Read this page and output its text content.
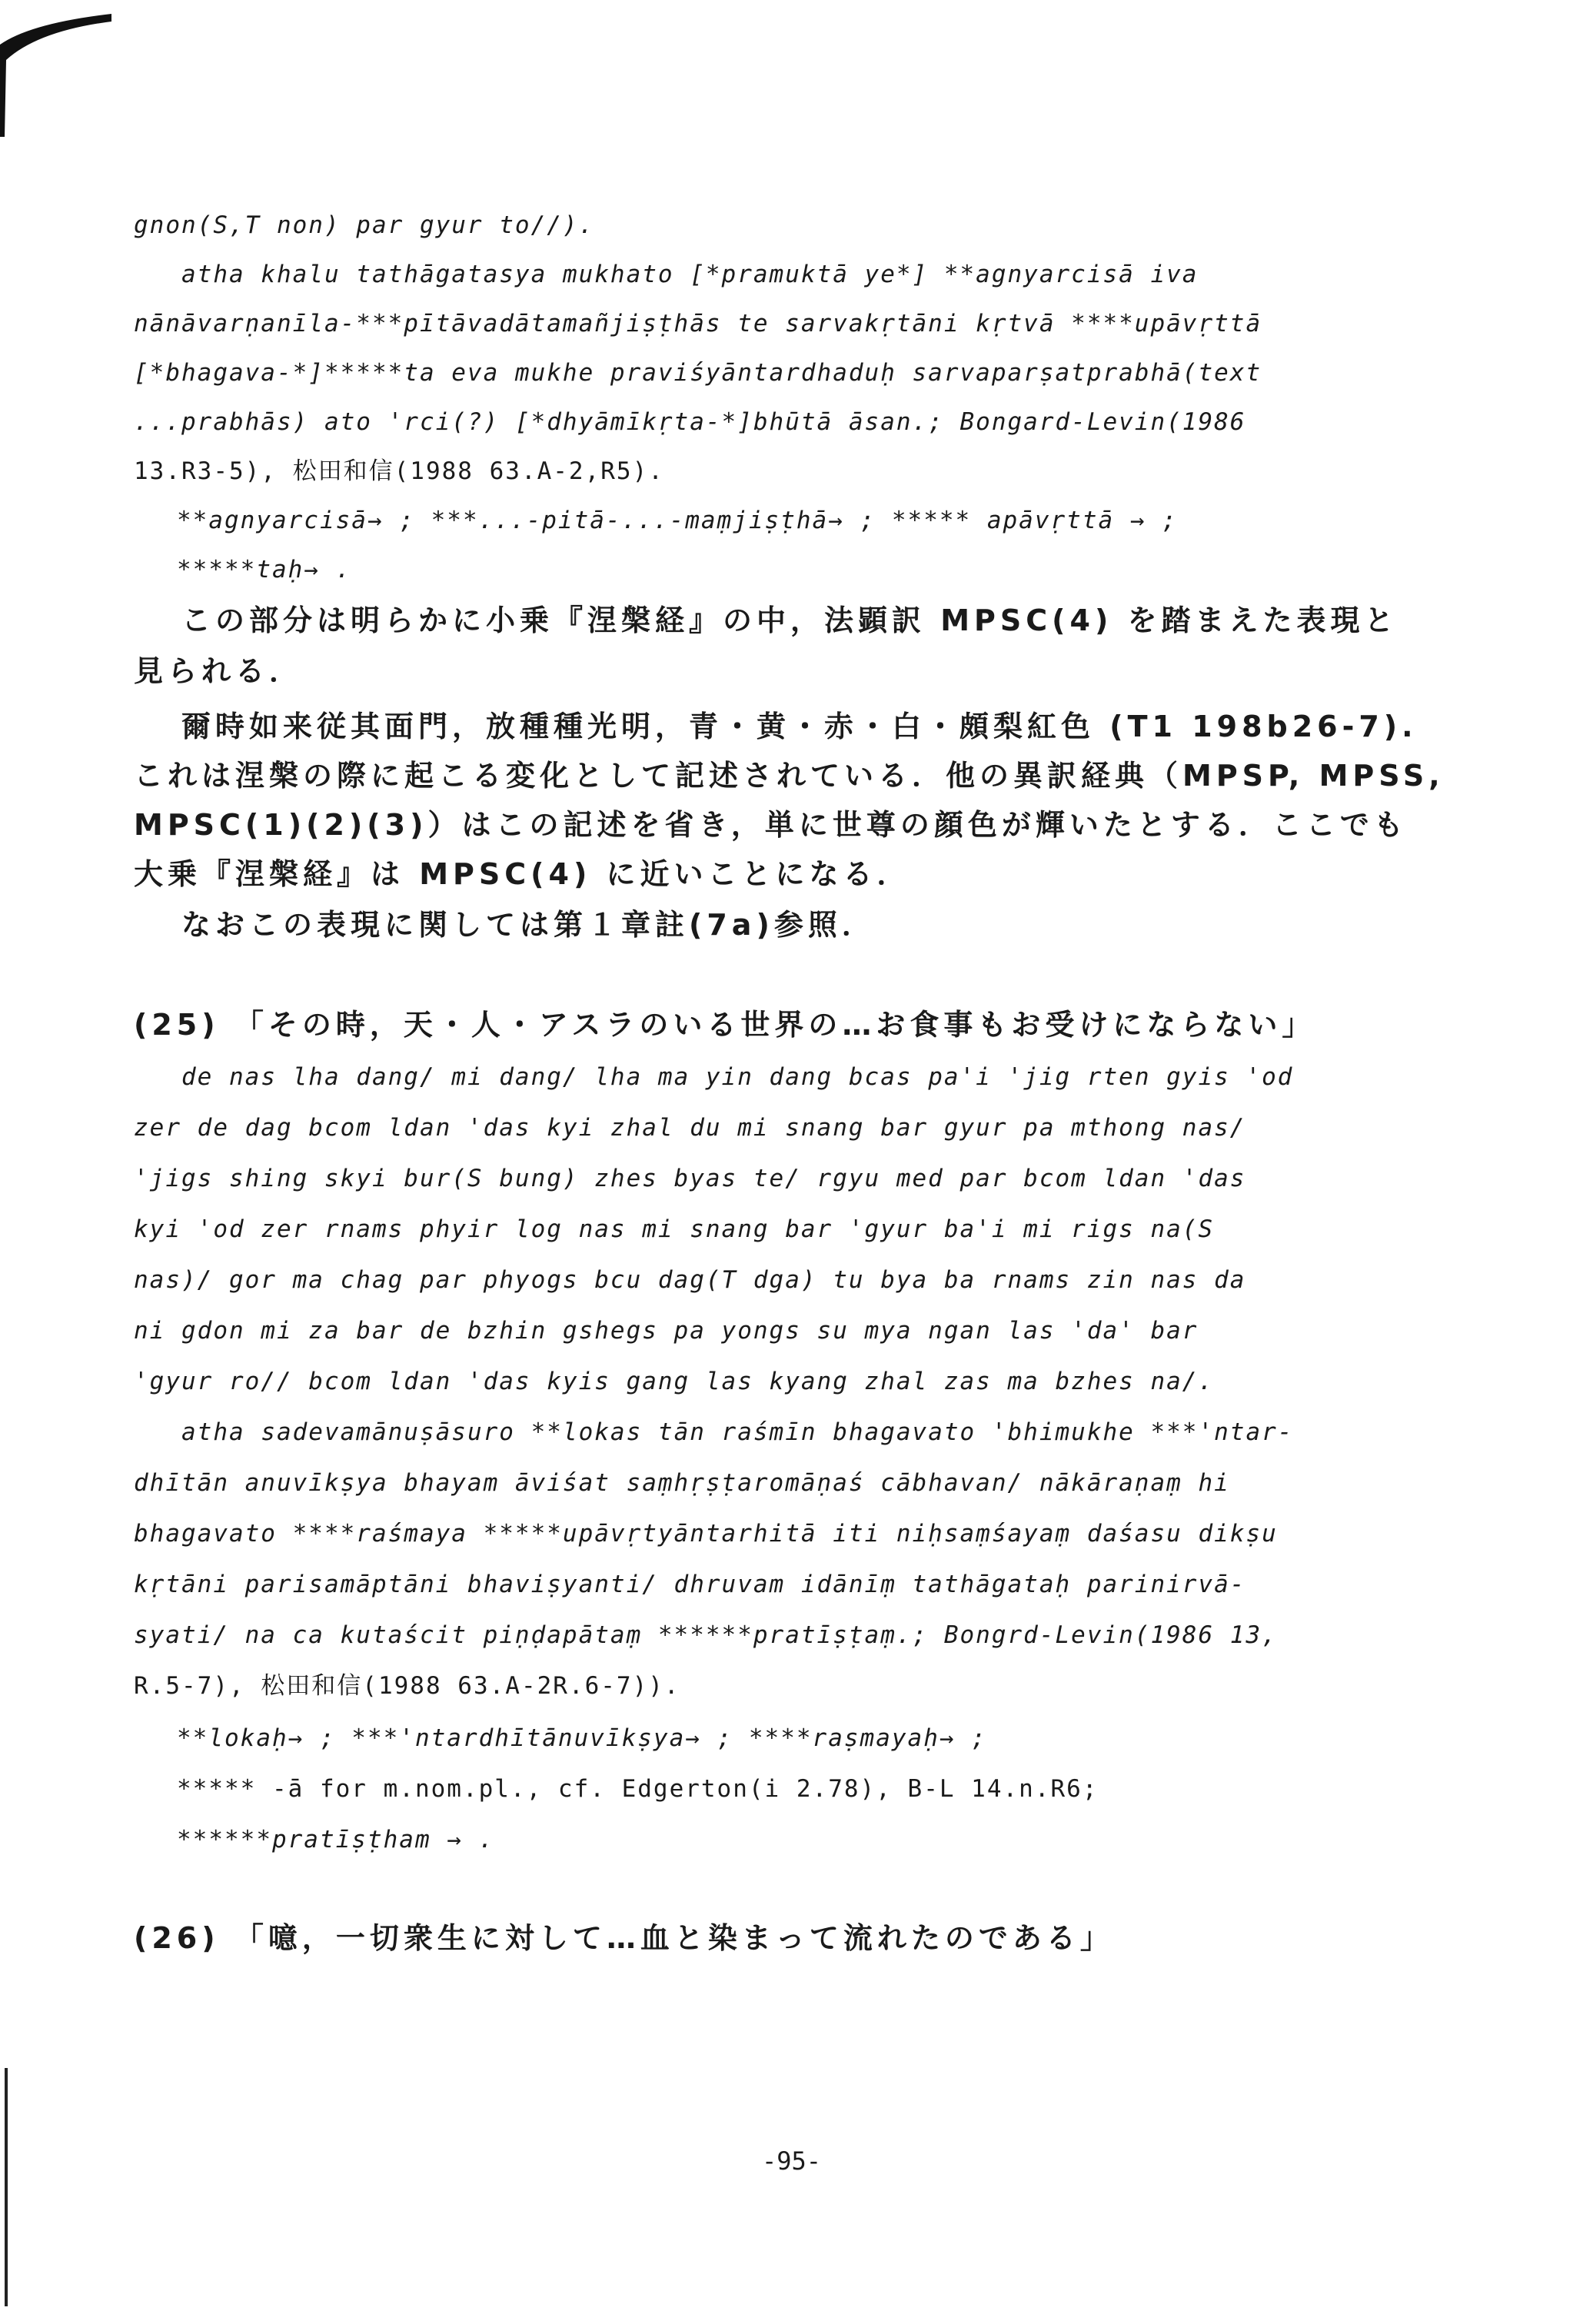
gnon(S,T non) par gyur to//).
atha khalu tathāgatasya mukhato [*pramuktā ye*] **agnyarcisā iva
nānāvarṇanīla-***pītāvadātamañjiṣṭhās te sarvakṛtāni kṛtvā ****upāvṛttā
[*bhagava-*]*****ta eva mukhe praviśyāntardhaduḥ sarvaparṣatprabhā(text
...prabhās) ato 'rci(?) [*dhyāmīkṛta-*]bhūtā āsan.; Bongard-Levin(1986
13.R3-5), 松田和信(1988 63.A-2,R5).
**agnyarcisā→ ; ***...-pitā-...-maṃjiṣṭhā→ ; ***** apāvṛttā → ;
*****taḥ→ .
この部分は明らかに小乗『涅槃経』の中，法顕訳 MPSC(4) を踏まえた表現と
見られる．
爾時如来従其面門，放種種光明，青・黄・赤・白・頗梨紅色 (T1 198b26-7).
これは涅槃の際に起こる変化として記述されている．他の異訳経典（MPSP, MPSS,
MPSC(1)(2)(3)）はこの記述を省き，単に世尊の顔色が輝いたとする．ここでも
大乗『涅槃経』は MPSC(4) に近いことになる．
なおこの表現に関しては第１章註(7a)参照．
(25) 「その時，天・人・アスラのいる世界の…お食事もお受けにならない」
de nas lha dang/ mi dang/ lha ma yin dang bcas pa'i 'jig rten gyis 'od
zer de dag bcom ldan 'das kyi zhal du mi snang bar gyur pa mthong nas/
'jigs shing skyi bur(S bung) zhes byas te/ rgyu med par bcom ldan 'das
kyi 'od zer rnams phyir log nas mi snang bar 'gyur ba'i mi rigs na(S
nas)/ gor ma chag par phyogs bcu dag(T dga) tu bya ba rnams zin nas da
ni gdon mi za bar de bzhin gshegs pa yongs su mya ngan las 'da' bar
'gyur ro// bcom ldan 'das kyis gang las kyang zhal zas ma bzhes na/.
atha sadevamānuṣāsuro **lokas tān raśmīn bhagavato 'bhimukhe ***'ntar-
dhītān anuvīkṣya bhayam āviśat saṃhṛṣṭaromāṇaś cābhavan/ nākāraṇaṃ hi
bhagavato ****raśmaya *****upāvṛtyāntarhitā iti niḥsaṃśayaṃ daśasu dikṣu
kṛtāni parisamāptāni bhaviṣyanti/ dhruvam idānīṃ tathāgataḥ parinirvā-
syati/ na ca kutaścit piṇḍapātaṃ ******pratīṣṭaṃ.; Bongrd-Levin(1986 13,
R.5-7), 松田和信(1988 63.A-2R.6-7)).
**lokaḥ→ ; ***'ntardhītānuvīkṣya→ ; ****raṣmayaḥ→ ;
***** -ā for m.nom.pl., cf. Edgerton(i 2.78), B-L 14.n.R6;
******pratīṣṭham → .
(26) 「噫，一切衆生に対して…血と染まって流れたのである」
-95-
